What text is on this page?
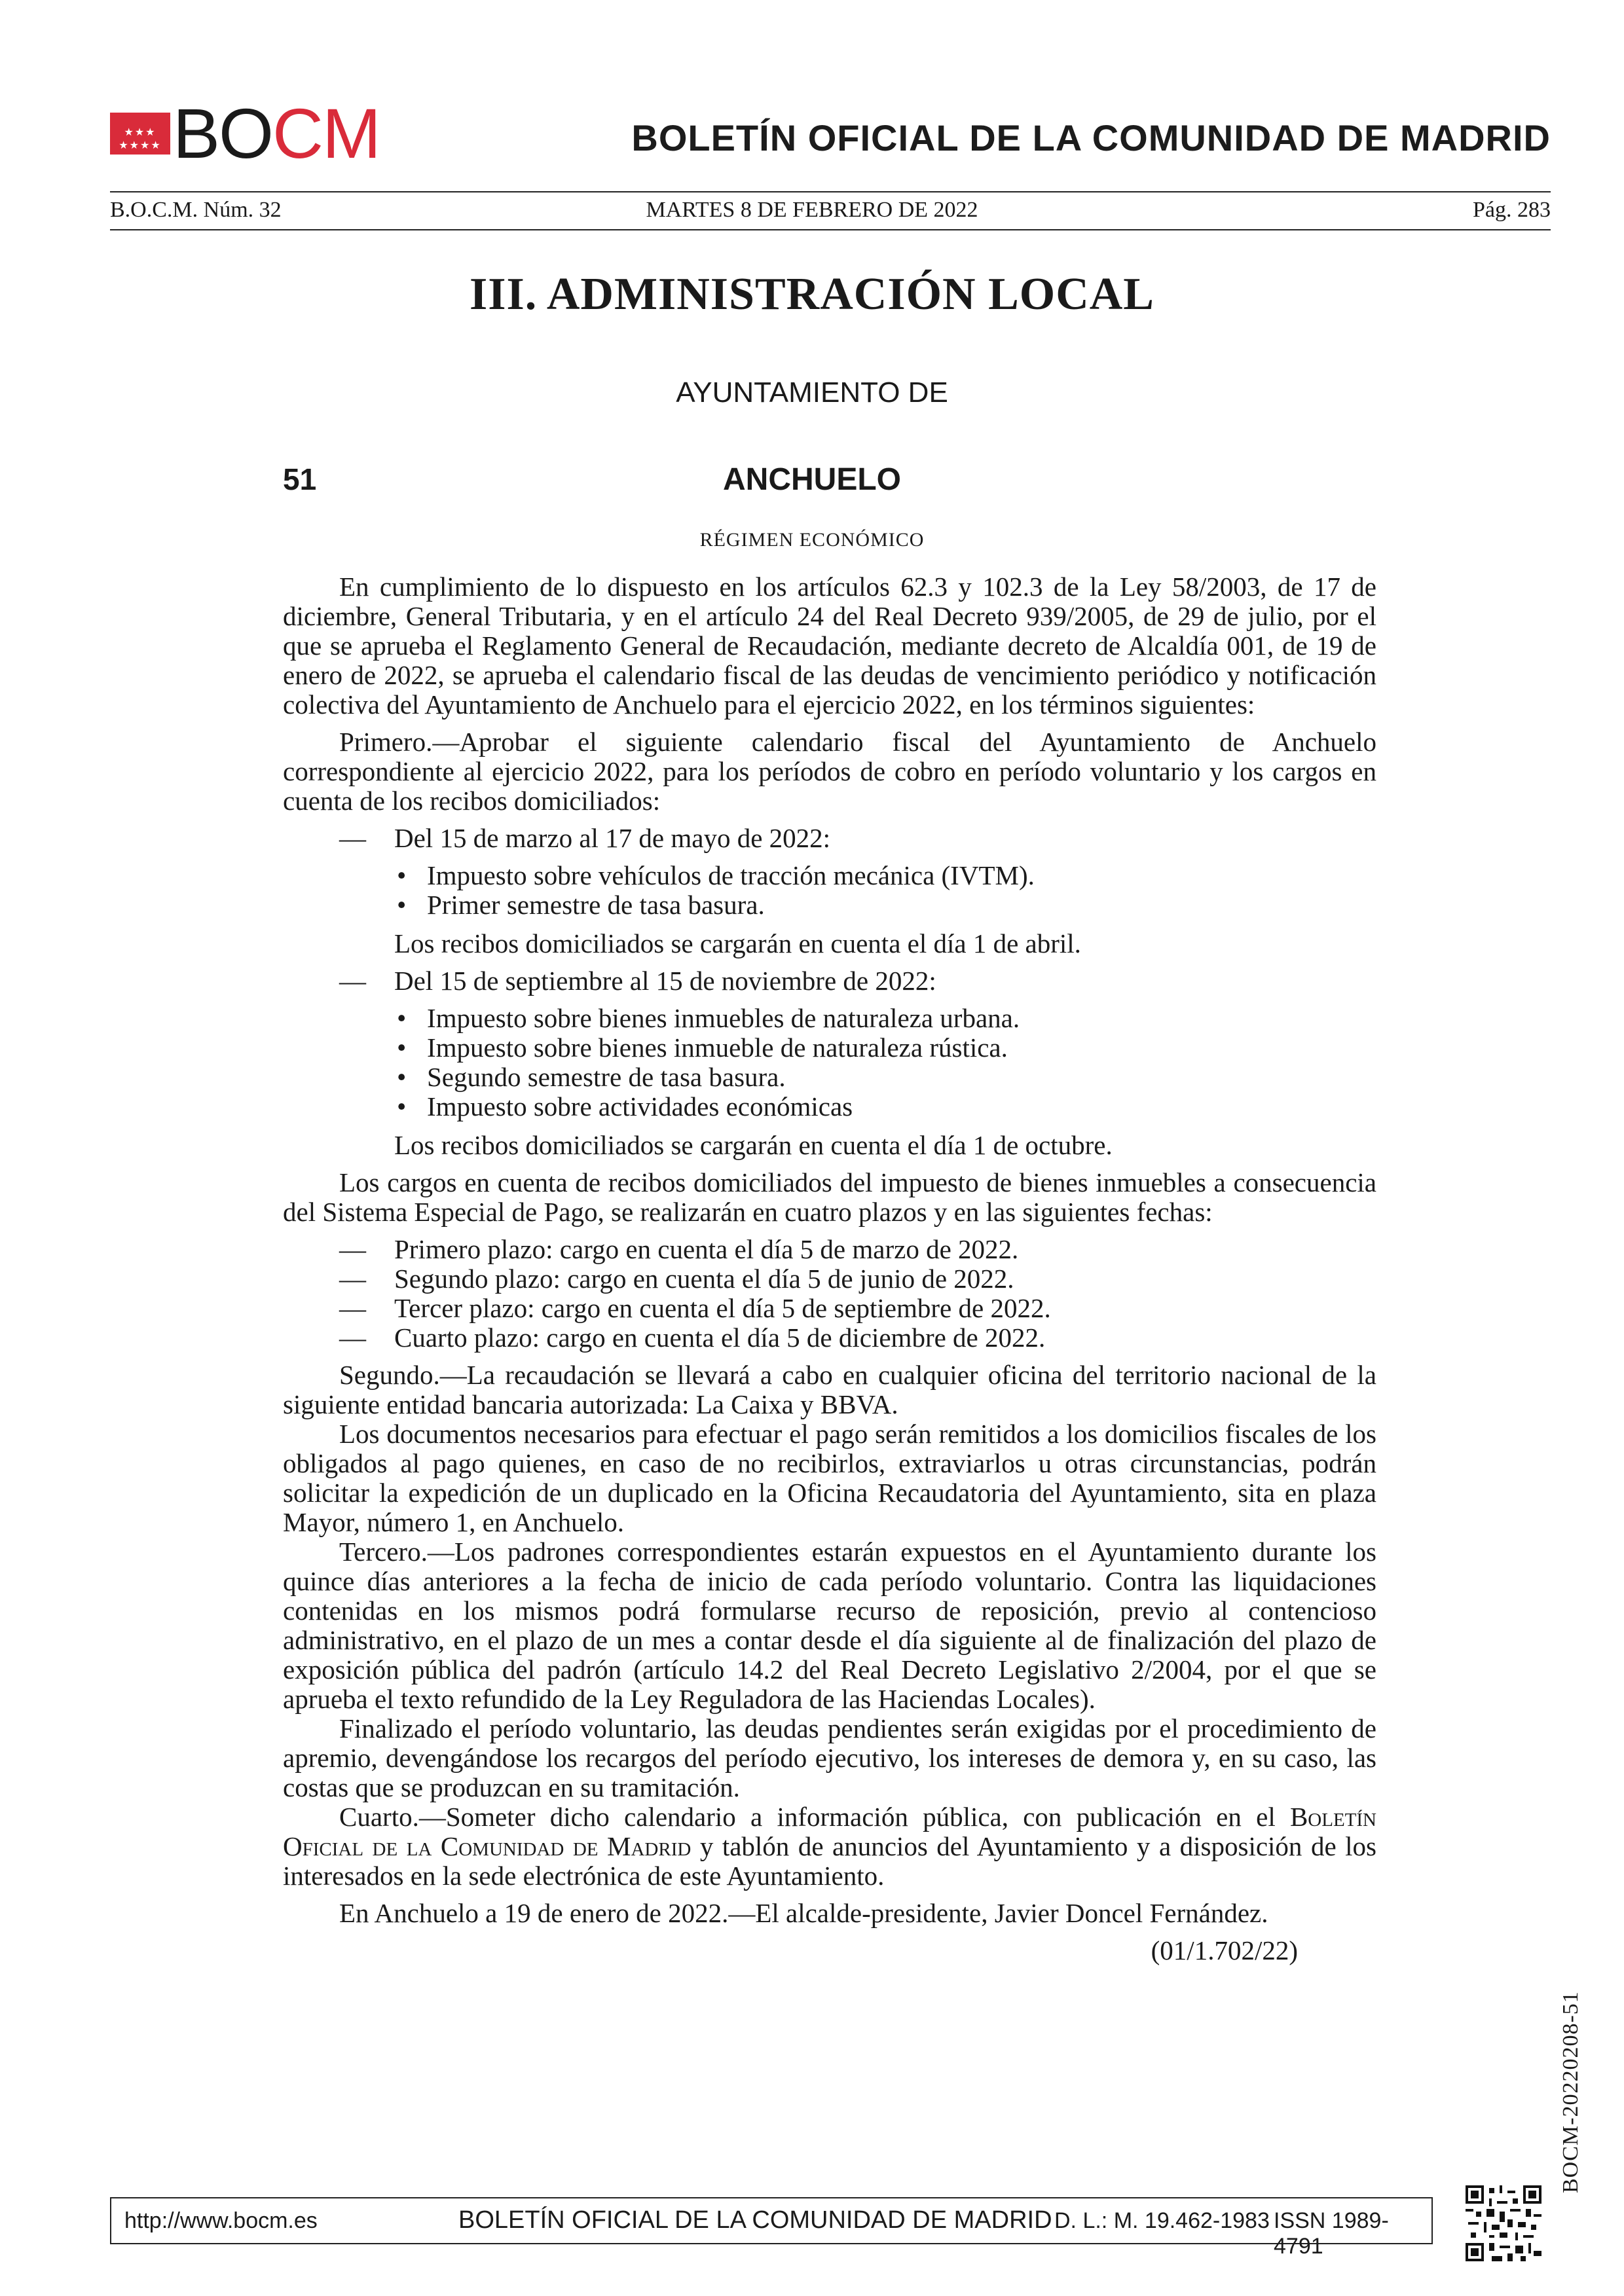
★★★
★★★★ BOCM	BOLETÍN OFICIAL DE LA COMUNIDAD DE MADRID
B.O.C.M. Núm. 32	MARTES 8 DE FEBRERO DE 2022	Pág. 283
III. ADMINISTRACIÓN LOCAL
AYUNTAMIENTO DE
51	ANCHUELO
RÉGIMEN ECONÓMICO

En cumplimiento de lo dispuesto en los artículos 62.3 y 102.3 de la Ley 58/2003, de 17 de diciembre, General Tributaria, y en el artículo 24 del Real Decreto 939/2005, de 29 de julio, por el que se aprueba el Reglamento General de Recaudación, mediante decreto de Alcaldía 001, de 19 de enero de 2022, se aprueba el calendario fiscal de las deudas de vencimiento periódico y notificación colectiva del Ayuntamiento de Anchuelo para el ejercicio 2022, en los términos siguientes:

Primero.—Aprobar el siguiente calendario fiscal del Ayuntamiento de Anchuelo correspondiente al ejercicio 2022, para los períodos de cobro en período voluntario y los cargos en cuenta de los recibos domiciliados:

— Del 15 de marzo al 17 de mayo de 2022:
• Impuesto sobre vehículos de tracción mecánica (IVTM).
• Primer semestre de tasa basura.
Los recibos domiciliados se cargarán en cuenta el día 1 de abril.
— Del 15 de septiembre al 15 de noviembre de 2022:
• Impuesto sobre bienes inmuebles de naturaleza urbana.
• Impuesto sobre bienes inmueble de naturaleza rústica.
• Segundo semestre de tasa basura.
• Impuesto sobre actividades económicas
Los recibos domiciliados se cargarán en cuenta el día 1 de octubre.

Los cargos en cuenta de recibos domiciliados del impuesto de bienes inmuebles a consecuencia del Sistema Especial de Pago, se realizarán en cuatro plazos y en las siguientes fechas:

— Primero plazo: cargo en cuenta el día 5 de marzo de 2022.
— Segundo plazo: cargo en cuenta el día 5 de junio de 2022.
— Tercer plazo: cargo en cuenta el día 5 de septiembre de 2022.
— Cuarto plazo: cargo en cuenta el día 5 de diciembre de 2022.

Segundo.—La recaudación se llevará a cabo en cualquier oficina del territorio nacional de la siguiente entidad bancaria autorizada: La Caixa y BBVA.

Los documentos necesarios para efectuar el pago serán remitidos a los domicilios fiscales de los obligados al pago quienes, en caso de no recibirlos, extraviarlos u otras circunstancias, podrán solicitar la expedición de un duplicado en la Oficina Recaudatoria del Ayuntamiento, sita en plaza Mayor, número 1, en Anchuelo.

Tercero.—Los padrones correspondientes estarán expuestos en el Ayuntamiento durante los quince días anteriores a la fecha de inicio de cada período voluntario. Contra las liquidaciones contenidas en los mismos podrá formularse recurso de reposición, previo al contencioso administrativo, en el plazo de un mes a contar desde el día siguiente al de finalización del plazo de exposición pública del padrón (artículo 14.2 del Real Decreto Legislativo 2/2004, por el que se aprueba el texto refundido de la Ley Reguladora de las Haciendas Locales).

Finalizado el período voluntario, las deudas pendientes serán exigidas por el procedimiento de apremio, devengándose los recargos del período ejecutivo, los intereses de demora y, en su caso, las costas que se produzcan en su tramitación.

Cuarto.—Someter dicho calendario a información pública, con publicación en el Boletín Oficial de la Comunidad de Madrid y tablón de anuncios del Ayuntamiento y a disposición de los interesados en la sede electrónica de este Ayuntamiento.

En Anchuelo a 19 de enero de 2022.—El alcalde-presidente, Javier Doncel Fernández.

(01/1.702/22)
BOCM-20220208-51
http://www.bocm.es	BOLETÍN OFICIAL DE LA COMUNIDAD DE MADRID D. L.: M. 19.462-1983 ISSN 1989-4791
